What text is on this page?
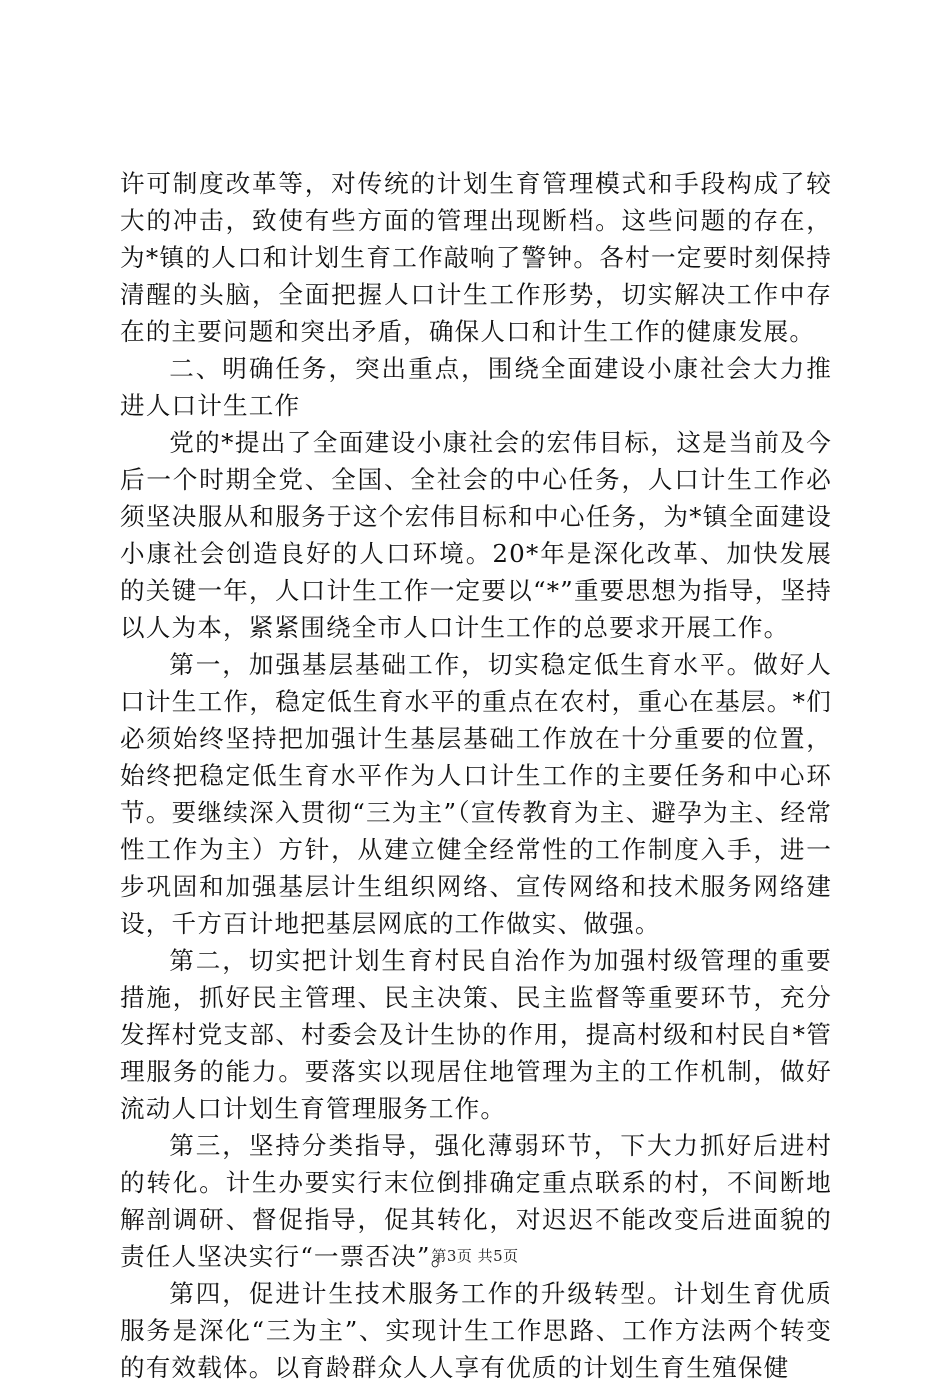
许可制度改革等，对传统的计划生育管理模式和手段构成了较大的冲击，致使有些方面的管理出现断档。这些问题的存在，为*镇的人口和计划生育工作敲响了警钟。各村一定要时刻保持清醒的头脑，全面把握人口计生工作形势，切实解决工作中存在的主要问题和突出矛盾，确保人口和计生工作的健康发展。

二、明确任务，突出重点，围绕全面建设小康社会大力推进人口计生工作

党的*提出了全面建设小康社会的宏伟目标，这是当前及今后一个时期全党、全国、全社会的中心任务，人口计生工作必须坚决服从和服务于这个宏伟目标和中心任务，为*镇全面建设小康社会创造良好的人口环境。20*年是深化改革、加快发展的关键一年，人口计生工作一定要以“*”重要思想为指导，坚持以人为本，紧紧围绕全市人口计生工作的总要求开展工作。

第一，加强基层基础工作，切实稳定低生育水平。做好人口计生工作，稳定低生育水平的重点在农村，重心在基层。*们必须始终坚持把加强计生基层基础工作放在十分重要的位置，始终把稳定低生育水平作为人口计生工作的主要任务和中心环节。要继续深入贯彻“三为主”（宣传教育为主、避孕为主、经常性工作为主）方针，从建立健全经常性的工作制度入手，进一步巩固和加强基层计生组织网络、宣传网络和技术服务网络建设，千方百计地把基层网底的工作做实、做强。

第二，切实把计划生育村民自治作为加强村级管理的重要措施，抓好民主管理、民主决策、民主监督等重要环节，充分发挥村党支部、村委会及计生协的作用，提高村级和村民自*管理服务的能力。要落实以现居住地管理为主的工作机制，做好流动人口计划生育管理服务工作。

第三，坚持分类指导，强化薄弱环节，下大力抓好后进村的转化。计生办要实行末位倒排确定重点联系的村，不间断地解剖调研、督促指导，促其转化，对迟迟不能改变后进面貌的责任人坚决实行“一票否决”。

第四，促进计生技术服务工作的升级转型。计划生育优质服务是深化“三为主”、实现计生工作思路、工作方法两个转变的有效载体。以育龄群众人人享有优质的计划生育生殖保健

第3页 共5页
